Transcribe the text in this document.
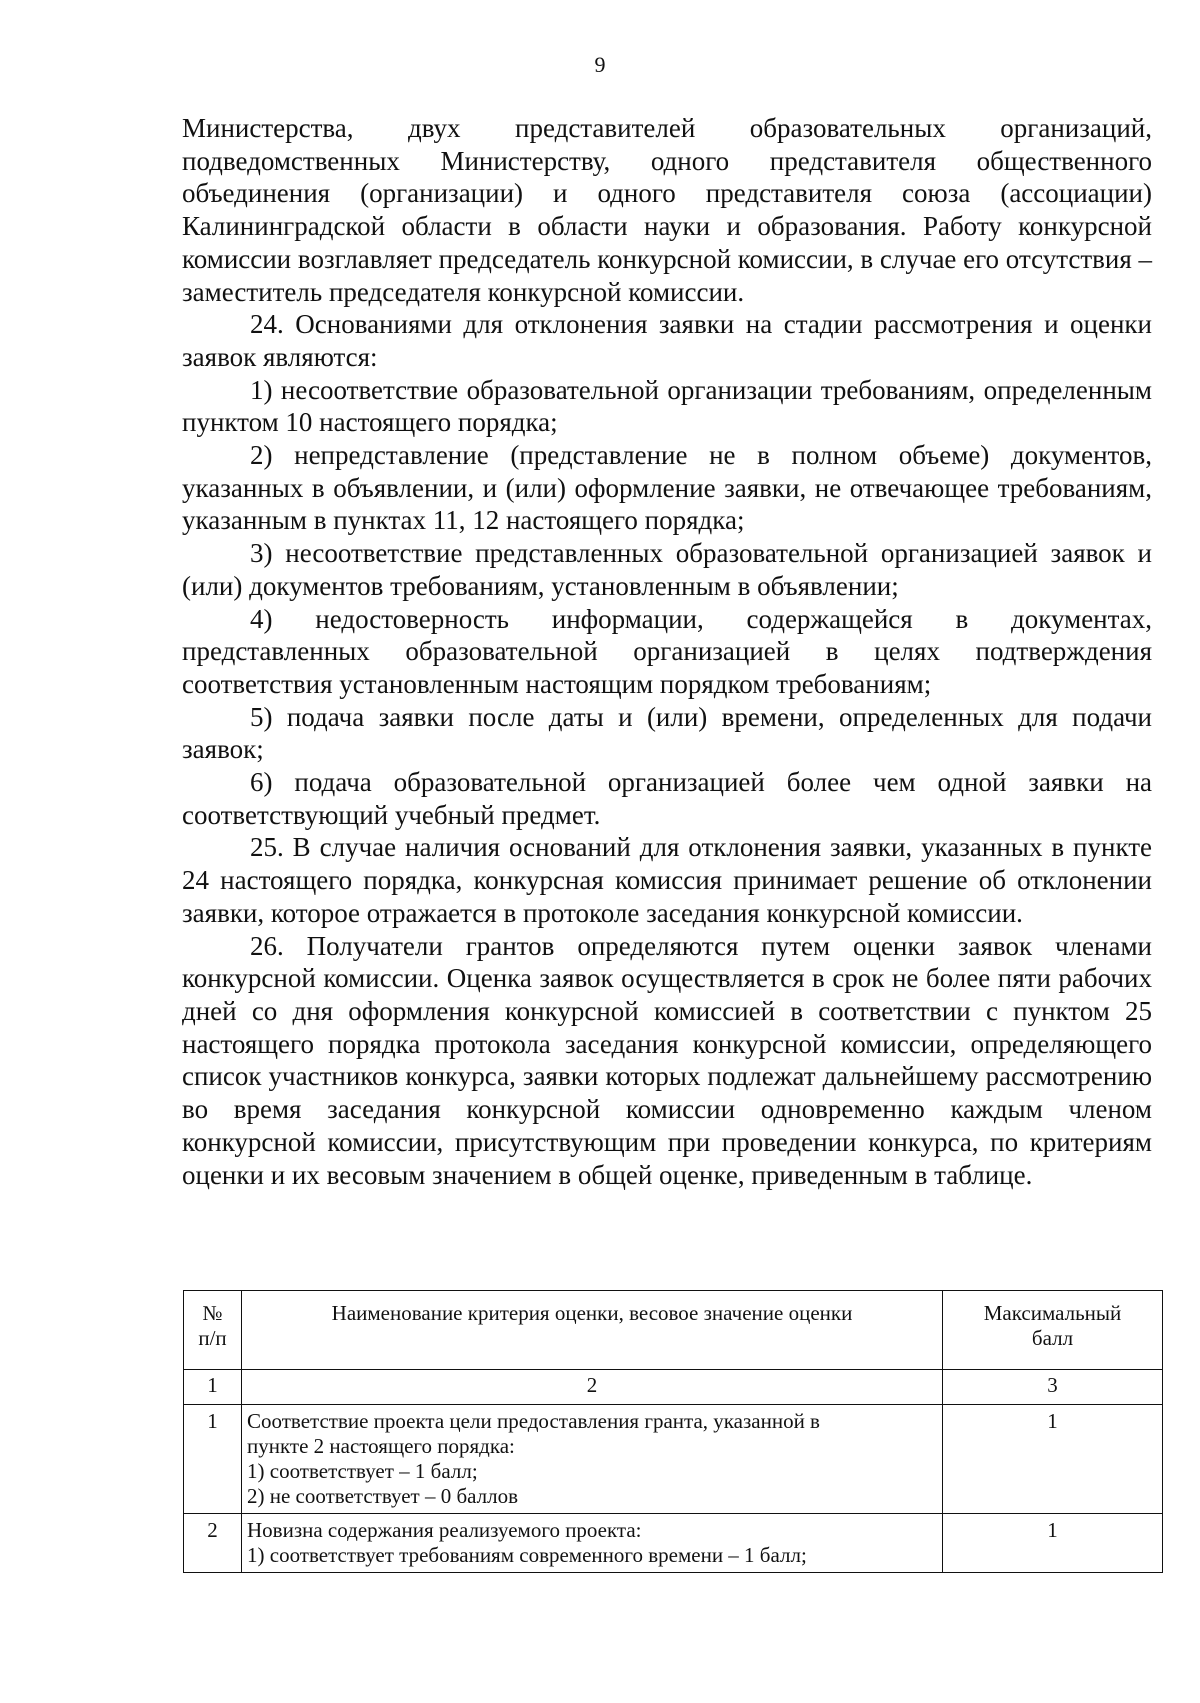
9

Министерства, двух представителей образовательных организаций, подведомственных Министерству, одного представителя общественного объединения (организации) и одного представителя союза (ассоциации) Калининградской области в области науки и образования. Работу конкурсной комиссии возглавляет председатель конкурсной комиссии, в случае его отсутствия – заместитель председателя конкурсной комиссии.

24. Основаниями для отклонения заявки на стадии рассмотрения и оценки заявок являются:

1) несоответствие образовательной организации требованиям, определенным пунктом 10 настоящего порядка;

2) непредставление (представление не в полном объеме) документов, указанных в объявлении, и (или) оформление заявки, не отвечающее требованиям, указанным в пунктах 11, 12 настоящего порядка;

3) несоответствие представленных образовательной организацией заявок и (или) документов требованиям, установленным в объявлении;

4) недостоверность информации, содержащейся в документах, представленных образовательной организацией в целях подтверждения соответствия установленным настоящим порядком требованиям;

5) подача заявки после даты и (или) времени, определенных для подачи заявок;

6) подача образовательной организацией более чем одной заявки на соответствующий учебный предмет.

25. В случае наличия оснований для отклонения заявки, указанных в пункте 24 настоящего порядка, конкурсная комиссия принимает решение об отклонении заявки, которое отражается в протоколе заседания конкурсной комиссии.

26. Получатели грантов определяются путем оценки заявок членами конкурсной комиссии. Оценка заявок осуществляется в срок не более пяти рабочих дней со дня оформления конкурсной комиссией в соответствии с пунктом 25 настоящего порядка протокола заседания конкурсной комиссии, определяющего список участников конкурса, заявки которых подлежат дальнейшему рассмотрению во время заседания конкурсной комиссии одновременно каждым членом конкурсной комиссии, присутствующим при проведении конкурса, по критериям оценки и их весовым значением в общей оценке, приведенным в таблице.

№
п/п	Наименование критерия оценки, весовое значение оценки	Максимальный
балл

1	2	3
1	Соответствие проекта цели предоставления гранта, указанной в
пункте 2 настоящего порядка:
1) соответствует – 1 балл;
2) не соответствует – 0 баллов	1
2	Новизна содержания реализуемого проекта:
1) соответствует требованиям современного времени – 1 балл;	1
